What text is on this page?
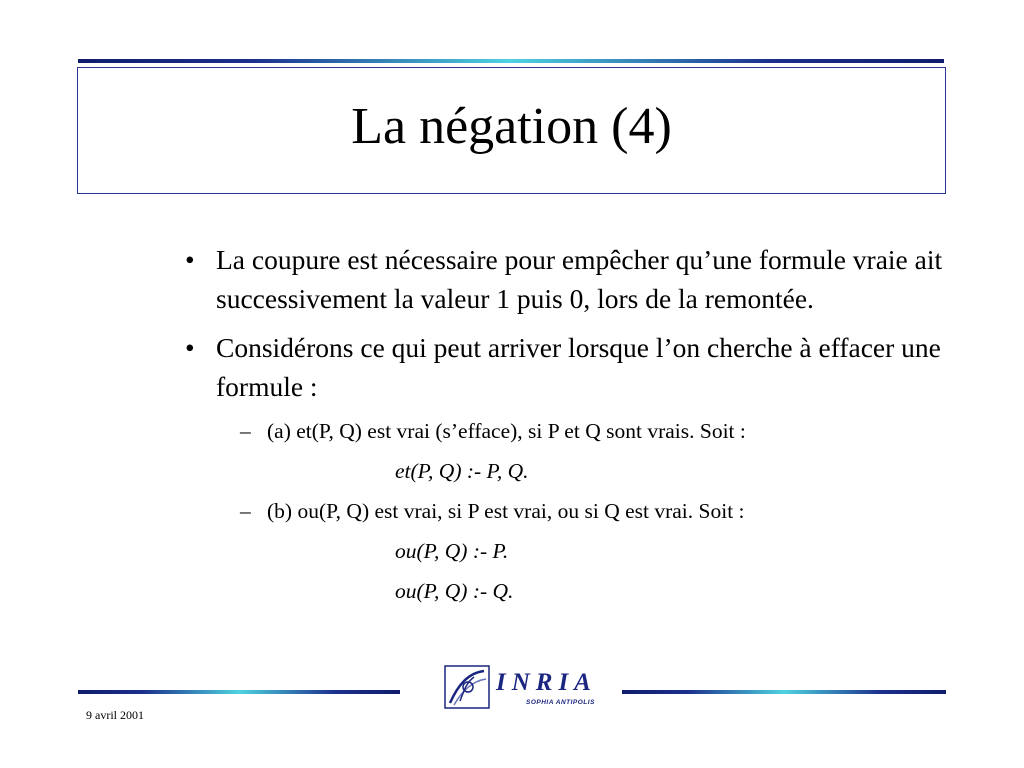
La négation (4)
• La coupure est nécessaire pour empêcher qu’une formule vraie ait successivement la valeur 1 puis 0, lors de la remontée.
• Considérons ce qui peut arriver lorsque l’on cherche à effacer une formule :
– (a) et(P, Q) est vrai (s’efface), si P et Q sont vrais. Soit :
et(P, Q) :- P, Q.
– (b) ou(P, Q) est vrai, si P est vrai, ou si Q est vrai. Soit :
ou(P, Q) :- P.
ou(P, Q) :- Q.
INRIA
SOPHIA ANTIPOLIS
9 avril 2001
